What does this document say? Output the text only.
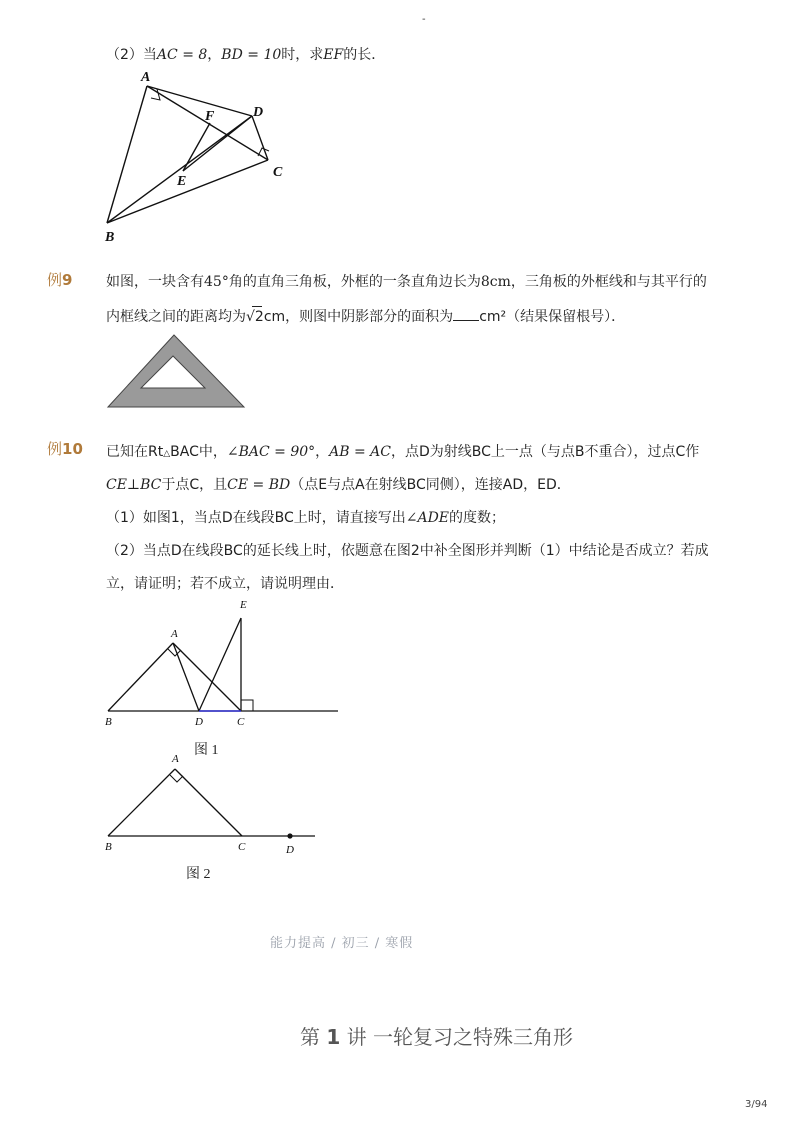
-
（2）当AC = 8，BD = 10时，求EF的长．
A
B
C
D
E
F
例9 如图，一块含有45°角的直角三角板，外框的一条直角边长为8cm，三角板的外框线和与其平行的
内框线之间的距离均为√
2cm，则图中阴影部分的面积为 cm²（结果保留根号）．
例10 已知在Rt△BAC中，∠BAC = 90°，AB = AC，点D为射线BC上一点（与点B不重合），过点C作
CE⊥BC于点C，且CE = BD（点E与点A在射线BC同侧），连接AD，ED．
（1）如图1，当点D在线段BC上时，请直接写出∠ADE的度数；
（2）当点D在线段BC的延长线上时，依题意在图2中补全图形并判断（1）中结论是否成立？若成
立，请证明；若不成立，请说明理由．
A
B	C
D
E
图 1
A
B	C	D
图 2
能力提高 / 初三 / 寒假
第 1 讲 一轮复习之特殊三角形
3/94
